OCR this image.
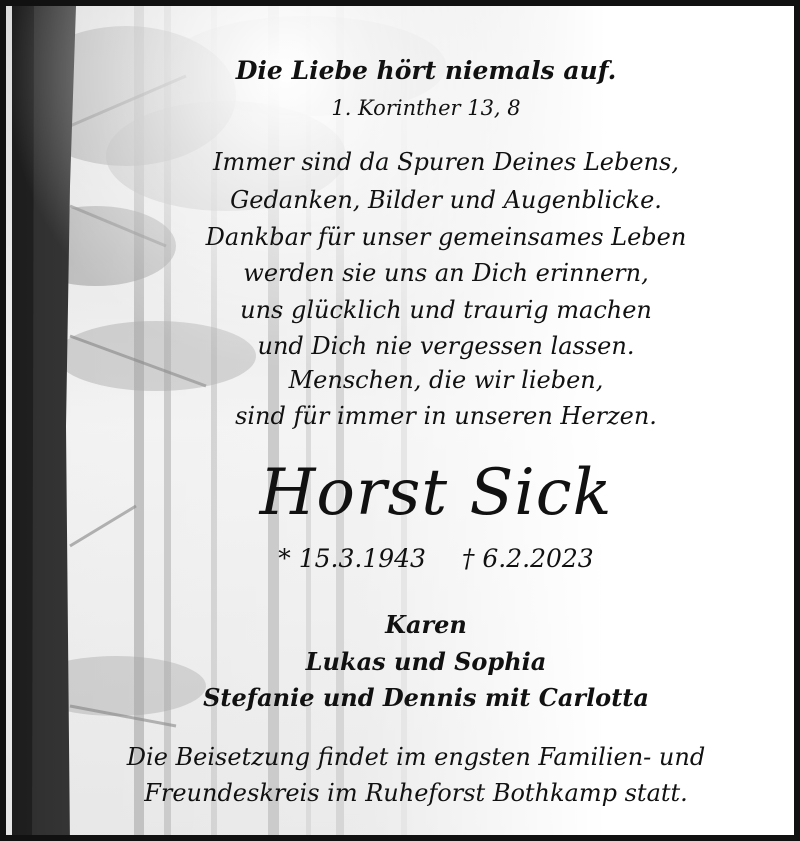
Die Liebe hört niemals auf.
1. Korinther 13, 8
Immer sind da Spuren Deines Lebens,
Gedanken, Bilder und Augenblicke.
Dankbar für unser gemeinsames Leben
werden sie uns an Dich erinnern,
uns glücklich und traurig machen
und Dich nie vergessen lassen.
Menschen, die wir lieben,
sind für immer in unseren Herzen.
Horst Sick
* 15.3.1943 † 6.2.2023
Karen
Lukas und Sophia
Stefanie und Dennis mit Carlotta
Die Beisetzung findet im engsten Familien- und
Freundeskreis im Ruheforst Bothkamp statt.
